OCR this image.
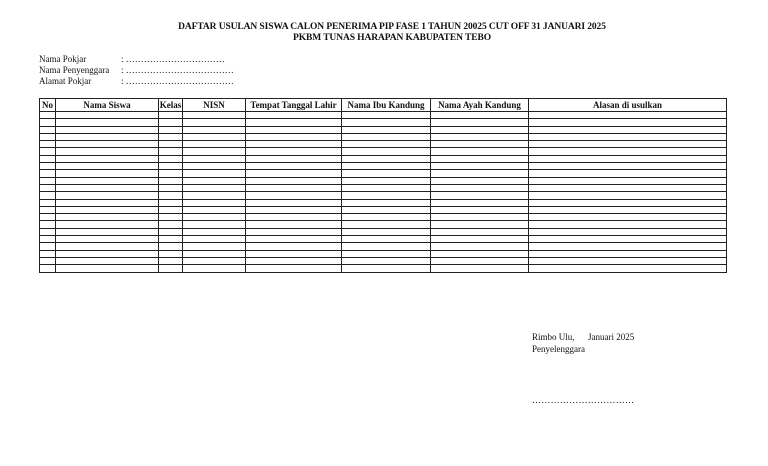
DAFTAR USULAN SISWA CALON PENERIMA PIP FASE 1 TAHUN 20025 CUT OFF 31 JANUARI 2025
PKBM TUNAS HARAPAN KABUPATEN TEBO
Nama Pokjar	: ……………………………
Nama Penyenggara	: ………………………………
Alamat Pokjar	: ………………………………
No	Nama Siswa	Kelas	NISN	Tempat Tanggal Lahir	Nama Ibu Kandung	Nama Ayah Kandung	Alasan di usulkan

Rimbo Ulu,      Januari 2025
Penyelenggara
……………………………
